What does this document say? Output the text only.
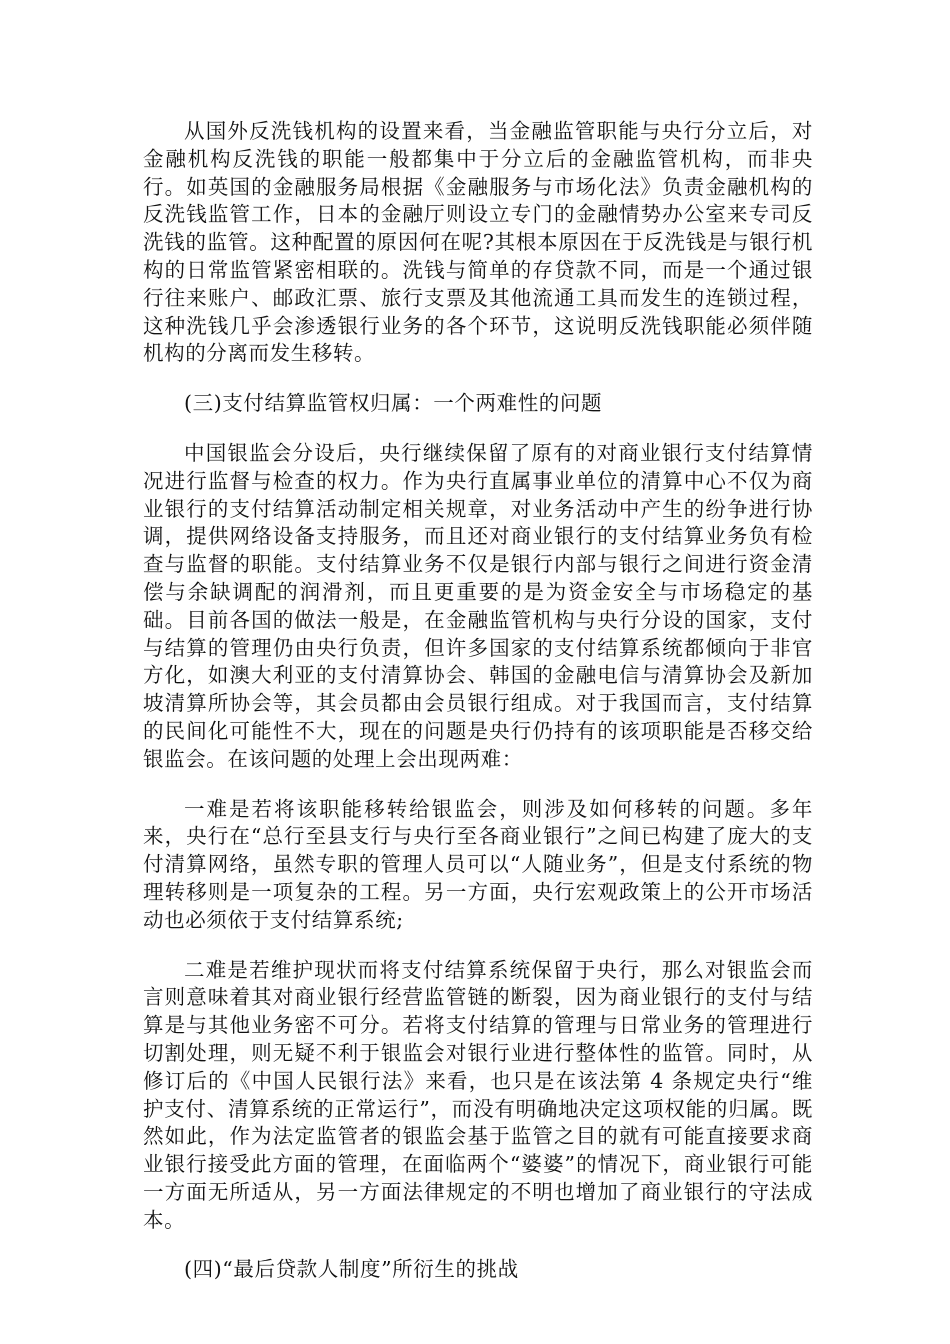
从国外反洗钱机构的设置来看，当金融监管职能与央行分立后，对金融机构反洗钱的职能一般都集中于分立后的金融监管机构，而非央行。如英国的金融服务局根据《金融服务与市场化法》负责金融机构的反洗钱监管工作，日本的金融厅则设立专门的金融情势办公室来专司反洗钱的监管。这种配置的原因何在呢?其根本原因在于反洗钱是与银行机构的日常监管紧密相联的。洗钱与简单的存贷款不同，而是一个通过银行往来账户、邮政汇票、旅行支票及其他流通工具而发生的连锁过程，这种洗钱几乎会渗透银行业务的各个环节，这说明反洗钱职能必须伴随机构的分离而发生移转。

(三)支付结算监管权归属：一个两难性的问题

中国银监会分设后，央行继续保留了原有的对商业银行支付结算情况进行监督与检查的权力。作为央行直属事业单位的清算中心不仅为商业银行的支付结算活动制定相关规章，对业务活动中产生的纷争进行协调，提供网络设备支持服务，而且还对商业银行的支付结算业务负有检查与监督的职能。支付结算业务不仅是银行内部与银行之间进行资金清偿与余缺调配的润滑剂，而且更重要的是为资金安全与市场稳定的基础。目前各国的做法一般是，在金融监管机构与央行分设的国家，支付与结算的管理仍由央行负责，但许多国家的支付结算系统都倾向于非官方化，如澳大利亚的支付清算协会、韩国的金融电信与清算协会及新加坡清算所协会等，其会员都由会员银行组成。对于我国而言，支付结算的民间化可能性不大，现在的问题是央行仍持有的该项职能是否移交给银监会。在该问题的处理上会出现两难：

一难是若将该职能移转给银监会，则涉及如何移转的问题。多年来，央行在“总行至县支行与央行至各商业银行”之间已构建了庞大的支付清算网络，虽然专职的管理人员可以“人随业务”，但是支付系统的物理转移则是一项复杂的工程。另一方面，央行宏观政策上的公开市场活动也必须依于支付结算系统;

二难是若维护现状而将支付结算系统保留于央行，那么对银监会而言则意味着其对商业银行经营监管链的断裂，因为商业银行的支付与结算是与其他业务密不可分。若将支付结算的管理与日常业务的管理进行切割处理，则无疑不利于银监会对银行业进行整体性的监管。同时，从修订后的《中国人民银行法》来看，也只是在该法第 4 条规定央行“维护支付、清算系统的正常运行”，而没有明确地决定这项权能的归属。既然如此，作为法定监管者的银监会基于监管之目的就有可能直接要求商业银行接受此方面的管理，在面临两个“婆婆”的情况下，商业银行可能一方面无所适从，另一方面法律规定的不明也增加了商业银行的守法成本。

(四)“最后贷款人制度”所衍生的挑战
